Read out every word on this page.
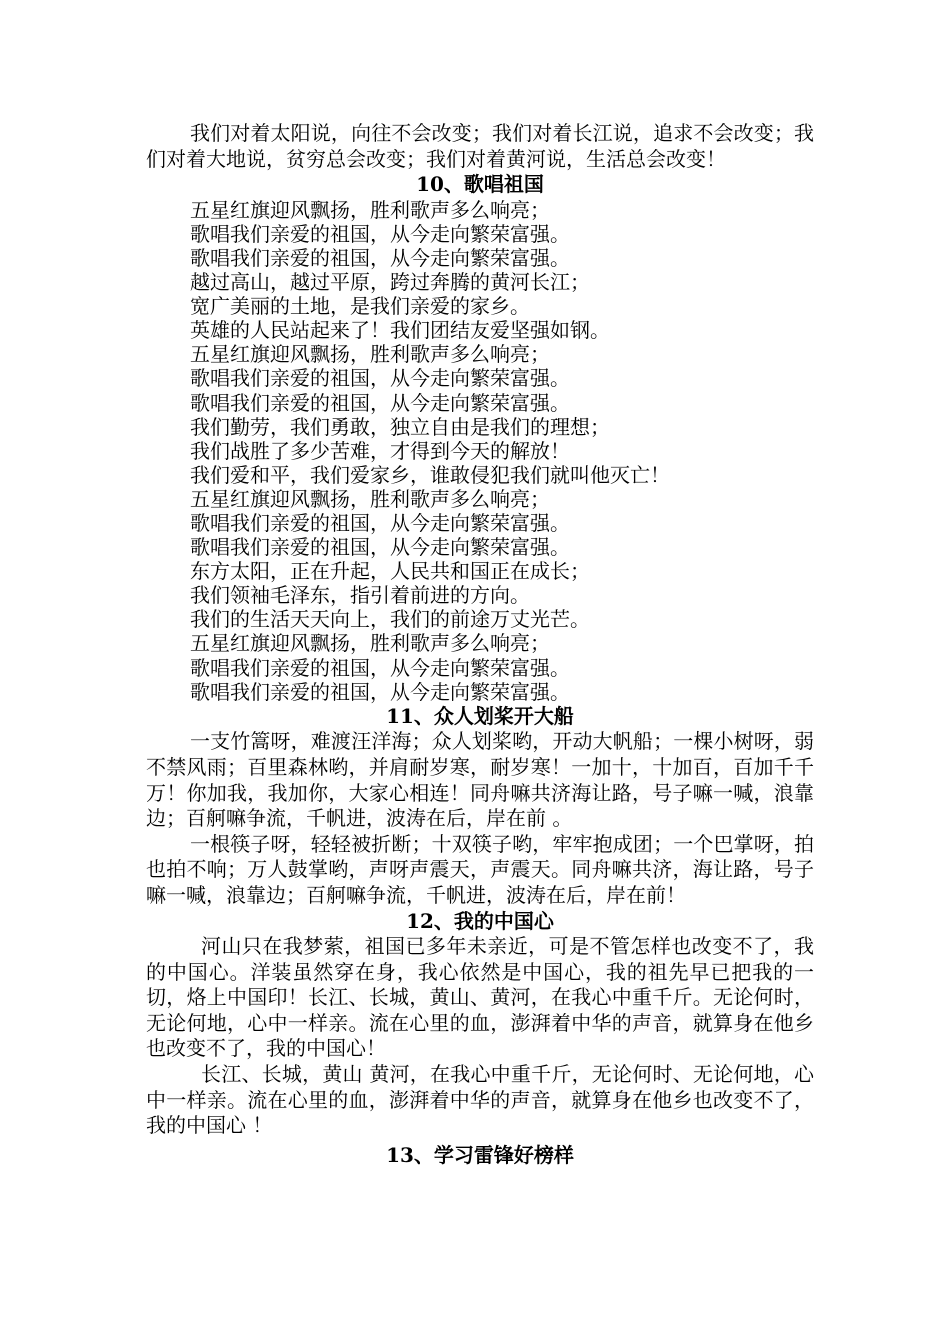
我们对着太阳说，向往不会改变；我们对着长江说，追求不会改变；我们对着大地说，贫穷总会改变；我们对着黄河说，生活总会改变！

10、歌唱祖国

五星红旗迎风飘扬，胜利歌声多么响亮；

歌唱我们亲爱的祖国，从今走向繁荣富强。

歌唱我们亲爱的祖国，从今走向繁荣富强。

越过高山，越过平原，跨过奔腾的黄河长江；

宽广美丽的土地，是我们亲爱的家乡。

英雄的人民站起来了！我们团结友爱坚强如钢。

五星红旗迎风飘扬，胜利歌声多么响亮；

歌唱我们亲爱的祖国，从今走向繁荣富强。

歌唱我们亲爱的祖国，从今走向繁荣富强。

我们勤劳，我们勇敢，独立自由是我们的理想；

我们战胜了多少苦难，才得到今天的解放！

我们爱和平，我们爱家乡，谁敢侵犯我们就叫他灭亡！

五星红旗迎风飘扬，胜利歌声多么响亮；

歌唱我们亲爱的祖国，从今走向繁荣富强。

歌唱我们亲爱的祖国，从今走向繁荣富强。

东方太阳，正在升起，人民共和国正在成长；

我们领袖毛泽东，指引着前进的方向。

我们的生活天天向上，我们的前途万丈光芒。

五星红旗迎风飘扬，胜利歌声多么响亮；

歌唱我们亲爱的祖国，从今走向繁荣富强。

歌唱我们亲爱的祖国，从今走向繁荣富强。

11、众人划桨开大船

一支竹篙呀，难渡汪洋海；众人划桨哟，开动大帆船；一棵小树呀，弱不禁风雨；百里森林哟，并肩耐岁寒，耐岁寒！一加十，十加百，百加千千万！你加我，我加你，大家心相连！同舟嘛共济海让路，号子嘛一喊，浪靠边；百舸嘛争流，千帆进，波涛在后，岸在前 。

一根筷子呀，轻轻被折断；十双筷子哟，牢牢抱成团；一个巴掌呀，拍也拍不响；万人鼓掌哟，声呀声震天，声震天。同舟嘛共济，海让路，号子嘛一喊，浪靠边；百舸嘛争流，千帆进，波涛在后，岸在前！

12、我的中国心

河山只在我梦萦，祖国已多年未亲近，可是不管怎样也改变不了，我的中国心。洋装虽然穿在身，我心依然是中国心，我的祖先早已把我的一切，烙上中国印！长江、长城，黄山、黄河，在我心中重千斤。无论何时，无论何地，心中一样亲。流在心里的血，澎湃着中华的声音，就算身在他乡也改变不了，我的中国心！

长江、长城，黄山 黄河，在我心中重千斤，无论何时、无论何地，心中一样亲。流在心里的血，澎湃着中华的声音，就算身在他乡也改变不了，我的中国心 ！

13、学习雷锋好榜样
